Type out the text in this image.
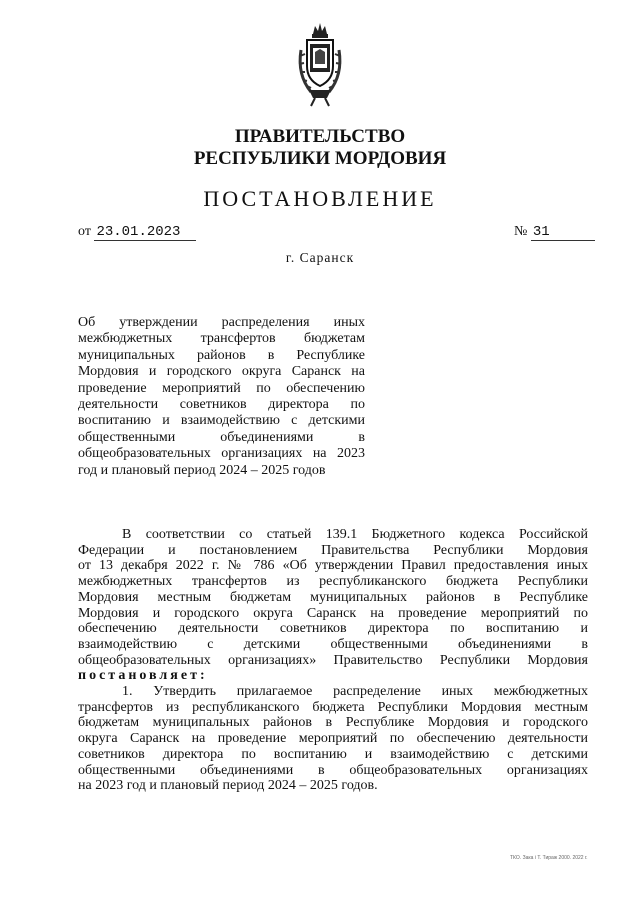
ПРАВИТЕЛЬСТВО
РЕСПУБЛИКИ МОРДОВИЯ
ПОСТАНОВЛЕНИЕ
от 23.01.2023	№ 31
г. Саранск
Об утверждении распределения иных
межбюджетных трансфертов бюджетам
муниципальных районов в Республике
Мордовия и городского округа Саранск на
проведение мероприятий по обеспечению
деятельности советников директора по
воспитанию и взаимодействию с детскими
общественными объединениями в
общеобразовательных организациях на 2023
год и плановый период 2024 – 2025 годов
В соответствии со статьей 139.1 Бюджетного кодекса Российской
Федерации и постановлением Правительства Республики Мордовия
от 13 декабря 2022 г. № 786 «Об утверждении Правил предоставления иных
межбюджетных трансфертов из республиканского бюджета Республики
Мордовия местным бюджетам муниципальных районов в Республике
Мордовия и городского округа Саранск на проведение мероприятий по
обеспечению деятельности советников директора по воспитанию и
взаимодействию с детскими общественными объединениями в
общеобразовательных организациях» Правительство Республики Мордовия
постановляет:
1. Утвердить прилагаемое распределение иных межбюджетных
трансфертов из республиканского бюджета Республики Мордовия местным
бюджетам муниципальных районов в Республике Мордовия и городского
округа Саранск на проведение мероприятий по обеспечению деятельности
советников директора по воспитанию и взаимодействию с детскими
общественными объединениями в общеобразовательных организациях
на 2023 год и плановый период 2024 – 2025 годов.
ТКО. Зака і Т. Тираж 2000. 2022 г.
